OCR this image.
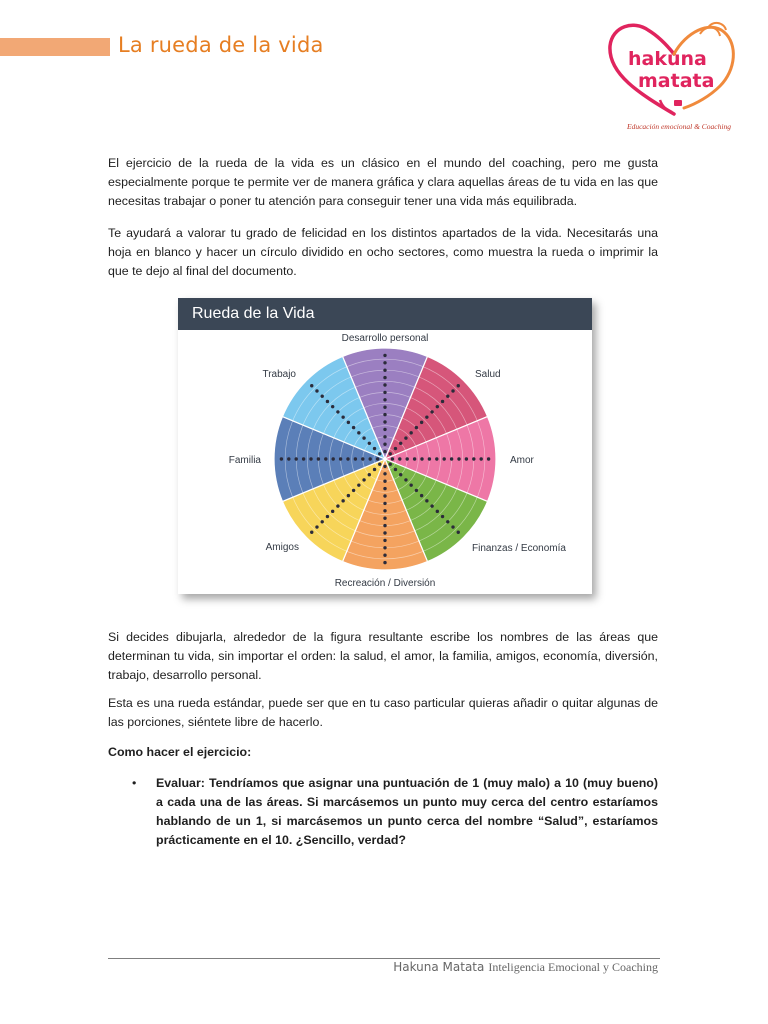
La rueda de la vida
hakuna
matata
Educación emocional & Coaching

El ejercicio de la rueda de la vida es un clásico en el mundo del coaching, pero me gusta especialmente porque te permite ver de manera gráfica y clara aquellas áreas de tu vida en las que necesitas trabajar o poner tu atención para conseguir tener una vida más equilibrada.

Te ayudará a valorar tu grado de felicidad en los distintos apartados de la vida. Necesitarás una hoja en blanco y hacer un círculo dividido en ocho sectores, como muestra la rueda o imprimir la que te dejo al final del documento.

Rueda de la Vida
Desarrollo personal
Salud
Amor
Finanzas / Economía
Recreación / Diversión
Amigos
Familia
Trabajo

Si decides dibujarla, alrededor de la figura resultante escribe los nombres de las áreas que determinan tu vida, sin importar el orden: la salud, el amor, la familia, amigos, economía, diversión, trabajo, desarrollo personal.

Esta es una rueda estándar, puede ser que en tu caso particular quieras añadir o quitar algunas de las porciones, siéntete libre de hacerlo.

Como hacer el ejercicio:

• Evaluar: Tendríamos que asignar una puntuación de 1 (muy malo) a 10 (muy bueno) a cada una de las áreas. Si marcásemos un punto muy cerca del centro estaríamos hablando de un 1, si marcásemos un punto cerca del nombre “Salud”, estaríamos prácticamente en el 10. ¿Sencillo, verdad?
Hakuna Matata Inteligencia Emocional y Coaching
